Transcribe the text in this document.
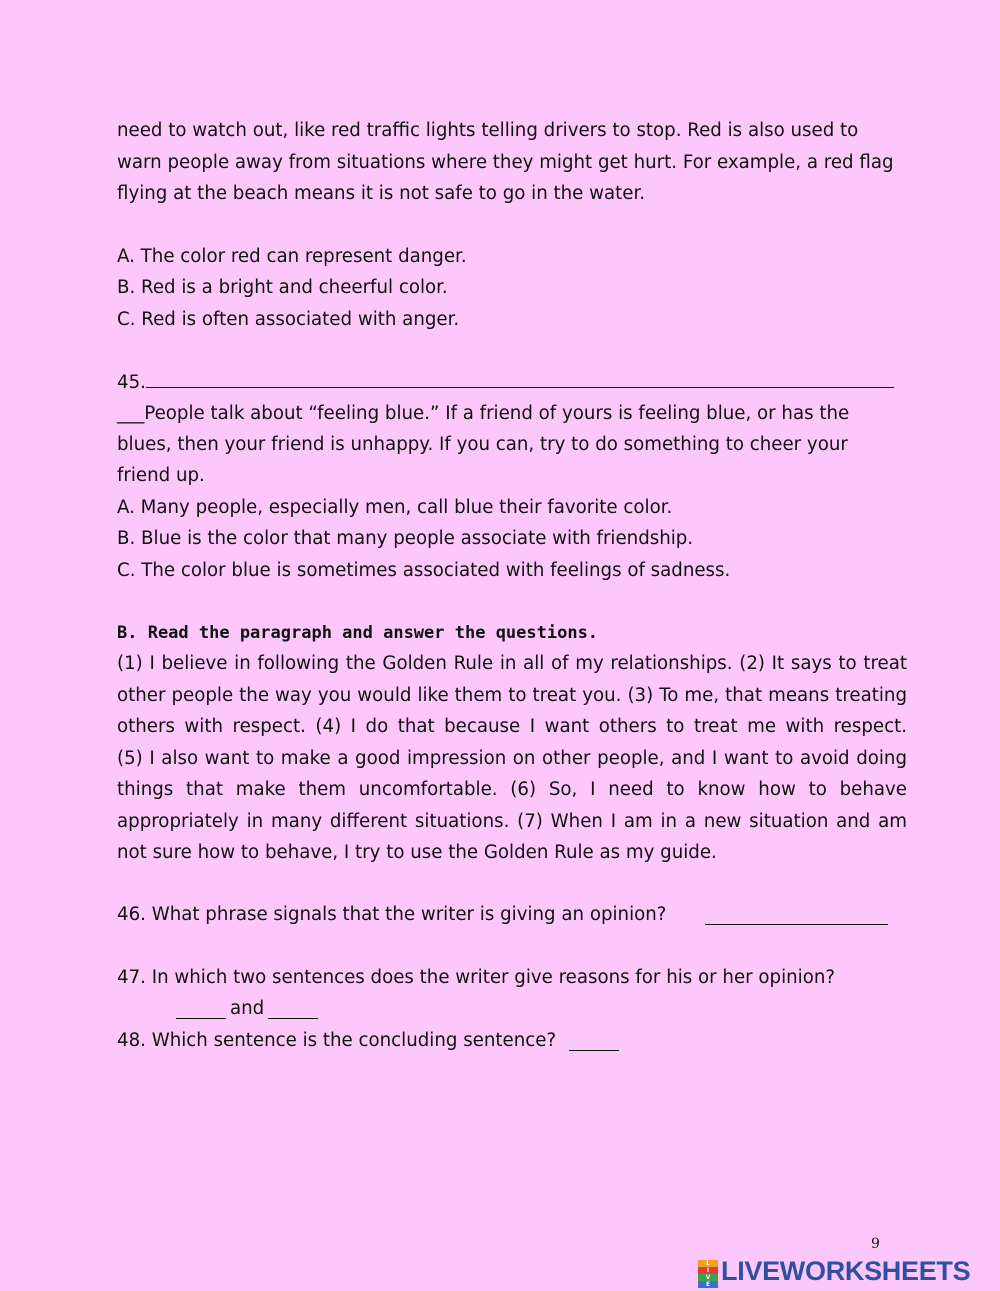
need to watch out, like red traffic lights telling drivers to stop. Red is also used to
warn people away from situations where they might get hurt. For example, a red flag
flying at the beach means it is not safe to go in the water.
A. The color red can represent danger.
B. Red is a bright and cheerful color.
C. Red is often associated with anger.
45.
___People talk about “feeling blue.” If a friend of yours is feeling blue, or has the
blues, then your friend is unhappy. If you can, try to do something to cheer your
friend up.
A. Many people, especially men, call blue their favorite color.
B. Blue is the color that many people associate with friendship.
C. The color blue is sometimes associated with feelings of sadness.
B. Read the paragraph and answer the questions.
(1) I believe in following the Golden Rule in all of my relationships. (2) It says to treat
other people the way you would like them to treat you. (3) To me, that means treating
others with respect. (4) I do that because I want others to treat me with respect.
(5) I also want to make a good impression on other people, and I want to avoid doing
things that make them uncomfortable. (6) So, I need to know how to behave
appropriately in many different situations. (7) When I am in a new situation and am
not sure how to behave, I try to use the Golden Rule as my guide.
46. What phrase signals that the writer is giving an opinion?
47. In which two sentences does the writer give reasons for his or her opinion?
and
48. Which sentence is the concluding sentence?
9
L
I
V
E LIVEWORKSHEETS
